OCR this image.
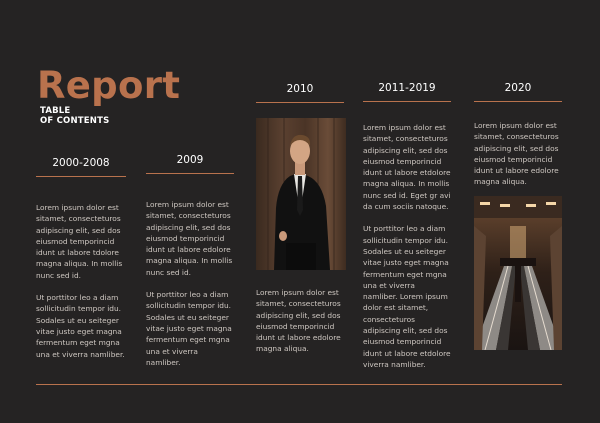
Report
TABLE
OF CONTENTS
2000-2008

Lorem ipsum dolor est sitamet, consecteturos adipiscing elit, sed dos eiusmod temporincid idunt ut labore tdolore magna aliqua. In mollis nunc sed id.

Ut porttitor leo a diam sollicitudin tempor idu. Sodales ut eu seiteger vitae justo eget magna fermentum eget mgna una et viverra namliber.

2009

Lorem ipsum dolor est sitamet, consecteturos adipiscing elit, sed dos eiusmod temporincid idunt ut labore edolore magna aliqua. In mollis nunc sed id.

Ut porttitor leo a diam sollicitudin tempor idu. Sodales ut eu seiteger vitae justo eget magna fermentum eget mgna una et viverra namliber.

2010

Lorem ipsum dolor est sitamet, consecteturos adipiscing elit, sed dos eiusmod temporincid idunt ut labore edolore magna aliqua.

2011-2019

Lorem ipsum dolor est sitamet, consecteturos adipiscing elit, sed dos eiusmod temporincid idunt ut labore etdolore magna aliqua. In mollis nunc sed id. Eget gr avi da cum sociis natoque.

Ut porttitor leo a diam sollicitudin tempor idu. Sodales ut eu seiteger vitae justo eget magna fermentum eget mgna una et viverra namliber. Lorem ipsum dolor est sitamet, consecteturos adipiscing elit, sed dos eiusmod temporincid idunt ut labore etdolore viverra namliber.

2020

Lorem ipsum dolor est sitamet, consecteturos adipiscing elit, sed dos eiusmod temporincid idunt ut labore edolore magna aliqua.
